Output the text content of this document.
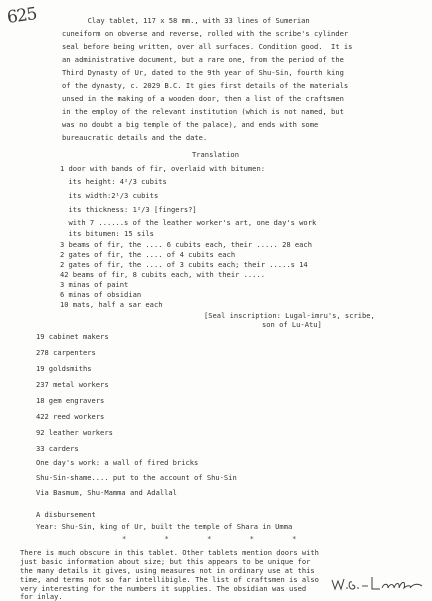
625	Clay tablet, 117 x 58 mm., with 33 lines of Sumerian
cuneiform on obverse and reverse, rolled with the scribe's cylinder
seal before being written, over all surfaces. Condition good.  It is
an administrative document, but a rare one, from the period of the
Third Dynasty of Ur, dated to the 9th year of Shu-Sin, fourth king
of the dynasty, c. 2029 B.C. It gies first details of the materials
unsed in the making of a wooden door, then a list of the craftsmen
in the employ of the relevant institution (which is not named, but
was no doubt a big temple of the palace), and ends with some
bureaucratic details and the date.
Translation
1 door with bands of fir, overlaid with bitumen:
its height: 4²/3 cubits
its width:2¹/3 cubits
its thickness: 1²/3 [fingers?]
with 7 ......s of the leather worker's art, one day's work
its bitumen: 15 sils
3 beams of fir, the .... 6 cubits each, their ..... 28 each
2 gates of fir, the .... of 4 cubits each
2 gates of fir, the .... of 3 cubits each; their .....s 14
42 beams of fir, 8 cubits each, with their .....
3 minas of paint
6 minas of obsidian
10 mats, half a sar each
[Seal inscription: Lugal-imru's, scribe,
son of Lu-Atu]
19 cabinet makers
278 carpenters
19 goldsmiths
237 metal workers
18 gem engravers
422 reed workers
92 leather workers
33 carders
One day's work: a wall of fired bricks
Shu-Sin-shame.... put to the account of Shu-Sin
Via Basmum, Shu-Mamma and Adallal
A disbursement
Year: Shu-Sin, king of Ur, built the temple of Shara in Umma
* * * * *
There is much obscure in this tablet. Other tablets mention doors with
just basic information about size; but this appears to be unique for
the many details it gives, using measures not in ordinary use at this
time, and terms not so far intellibigle. The list of craftsmen is also
very interesting for the numbers it supplies. The obsidian was used
for inlay.
